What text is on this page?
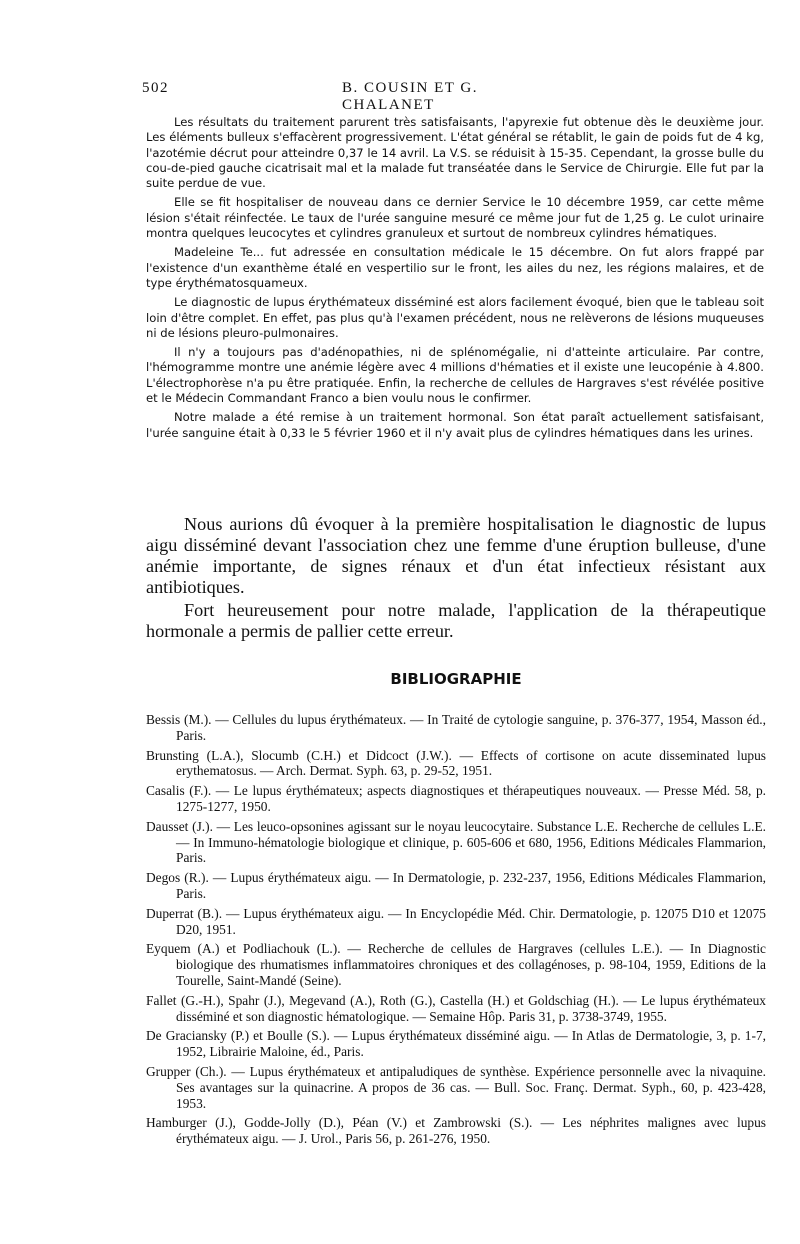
502	B. COUSIN ET G. CHALANET

Les résultats du traitement parurent très satisfaisants, l'apyrexie fut obtenue dès le deuxième jour. Les éléments bulleux s'effacèrent progressivement. L'état général se rétablit, le gain de poids fut de 4 kg, l'azotémie décrut pour atteindre 0,37 le 14 avril. La V.S. se réduisit à 15-35. Cependant, la grosse bulle du cou-de-pied gauche cicatrisait mal et la malade fut transéatée dans le Service de Chirurgie. Elle fut par la suite perdue de vue.

Elle se fit hospitaliser de nouveau dans ce dernier Service le 10 décembre 1959, car cette même lésion s'était réinfectée. Le taux de l'urée sanguine mesuré ce même jour fut de 1,25 g. Le culot urinaire montra quelques leucocytes et cylindres granuleux et surtout de nombreux cylindres hématiques.

Madeleine Te... fut adressée en consultation médicale le 15 décembre. On fut alors frappé par l'existence d'un exanthème étalé en vespertilio sur le front, les ailes du nez, les régions malaires, et de type érythématosquameux.

Le diagnostic de lupus érythémateux disséminé est alors facilement évoqué, bien que le tableau soit loin d'être complet. En effet, pas plus qu'à l'examen précédent, nous ne relèverons de lésions muqueuses ni de lésions pleuro-pulmonaires.

Il n'y a toujours pas d'adénopathies, ni de splénomégalie, ni d'atteinte articulaire. Par contre, l'hémogramme montre une anémie légère avec 4 millions d'hématies et il existe une leucopénie à 4.800. L'électrophorèse n'a pu être pratiquée. Enfin, la recherche de cellules de Hargraves s'est révélée positive et le Médecin Commandant Franco a bien voulu nous le confirmer.

Notre malade a été remise à un traitement hormonal. Son état paraît actuellement satisfaisant, l'urée sanguine était à 0,33 le 5 février 1960 et il n'y avait plus de cylindres hématiques dans les urines.

Nous aurions dû évoquer à la première hospitalisation le diagnostic de lupus aigu disséminé devant l'association chez une femme d'une éruption bulleuse, d'une anémie importante, de signes rénaux et d'un état infectieux résistant aux antibiotiques.

Fort heureusement pour notre malade, l'application de la thérapeutique hormonale a permis de pallier cette erreur.

BIBLIOGRAPHIE

Bessis (M.). — Cellules du lupus érythémateux. — In Traité de cytologie sanguine, p. 376-377, 1954, Masson éd., Paris.

Brunsting (L.A.), Slocumb (C.H.) et Didcoct (J.W.). — Effects of cortisone on acute disseminated lupus erythematosus. — Arch. Dermat. Syph. 63, p. 29-52, 1951.

Casalis (F.). — Le lupus érythémateux; aspects diagnostiques et thérapeutiques nouveaux. — Presse Méd. 58, p. 1275-1277, 1950.

Dausset (J.). — Les leuco-opsonines agissant sur le noyau leucocytaire. Substance L.E. Recherche de cellules L.E. — In Immuno-hématologie biologique et clinique, p. 605-606 et 680, 1956, Editions Médicales Flammarion, Paris.

Degos (R.). — Lupus érythémateux aigu. — In Dermatologie, p. 232-237, 1956, Editions Médicales Flammarion, Paris.

Duperrat (B.). — Lupus érythémateux aigu. — In Encyclopédie Méd. Chir. Dermatologie, p. 12075 D10 et 12075 D20, 1951.

Eyquem (A.) et Podliachouk (L.). — Recherche de cellules de Hargraves (cellules L.E.). — In Diagnostic biologique des rhumatismes inflammatoires chroniques et des collagénoses, p. 98-104, 1959, Editions de la Tourelle, Saint-Mandé (Seine).

Fallet (G.-H.), Spahr (J.), Megevand (A.), Roth (G.), Castella (H.) et Goldschiag (H.). — Le lupus érythémateux disséminé et son diagnostic hématologique. — Semaine Hôp. Paris 31, p. 3738-3749, 1955.

De Graciansky (P.) et Boulle (S.). — Lupus érythémateux disséminé aigu. — In Atlas de Dermatologie, 3, p. 1-7, 1952, Librairie Maloine, éd., Paris.

Grupper (Ch.). — Lupus érythémateux et antipaludiques de synthèse. Expérience personnelle avec la nivaquine. Ses avantages sur la quinacrine. A propos de 36 cas. — Bull. Soc. Franç. Dermat. Syph., 60, p. 423-428, 1953.

Hamburger (J.), Godde-Jolly (D.), Péan (V.) et Zambrowski (S.). — Les néphrites malignes avec lupus érythémateux aigu. — J. Urol., Paris 56, p. 261-276, 1950.
